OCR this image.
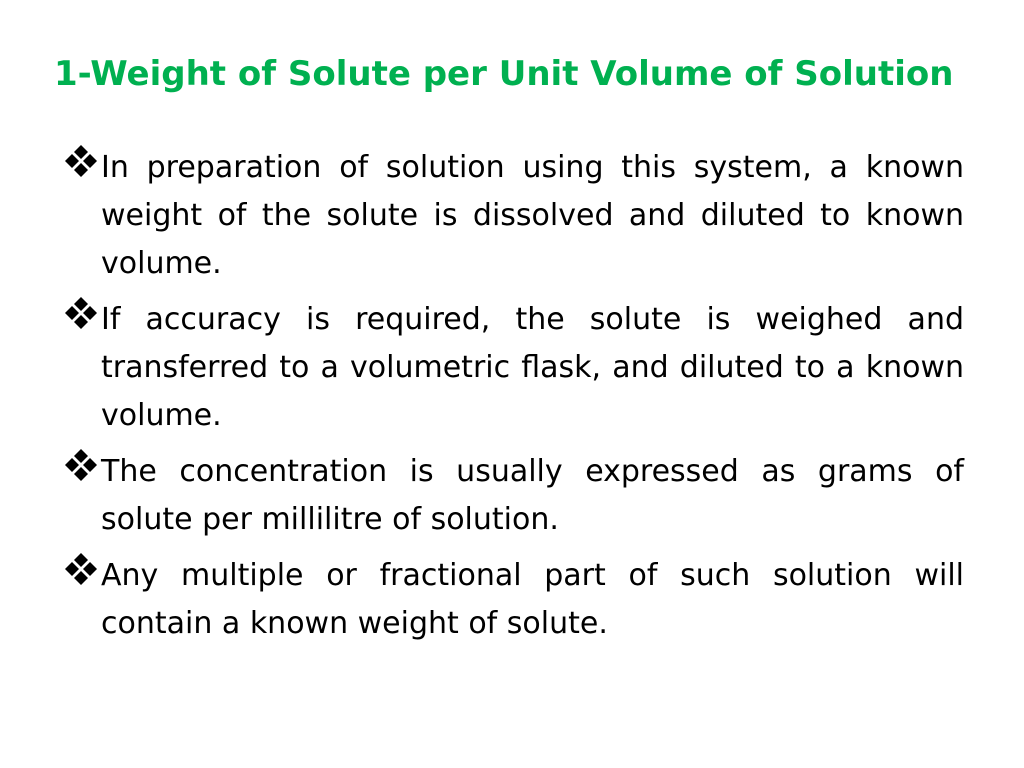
1-Weight of Solute per Unit Volume of Solution
In preparation of solution using this system, a known weight of the solute is dissolved and diluted to known volume.
If accuracy is required, the solute is weighed and transferred to a volumetric flask, and diluted to a known volume.
The concentration is usually expressed as grams of solute per millilitre of solution.
Any multiple or fractional part of such solution will contain a known weight of solute.
